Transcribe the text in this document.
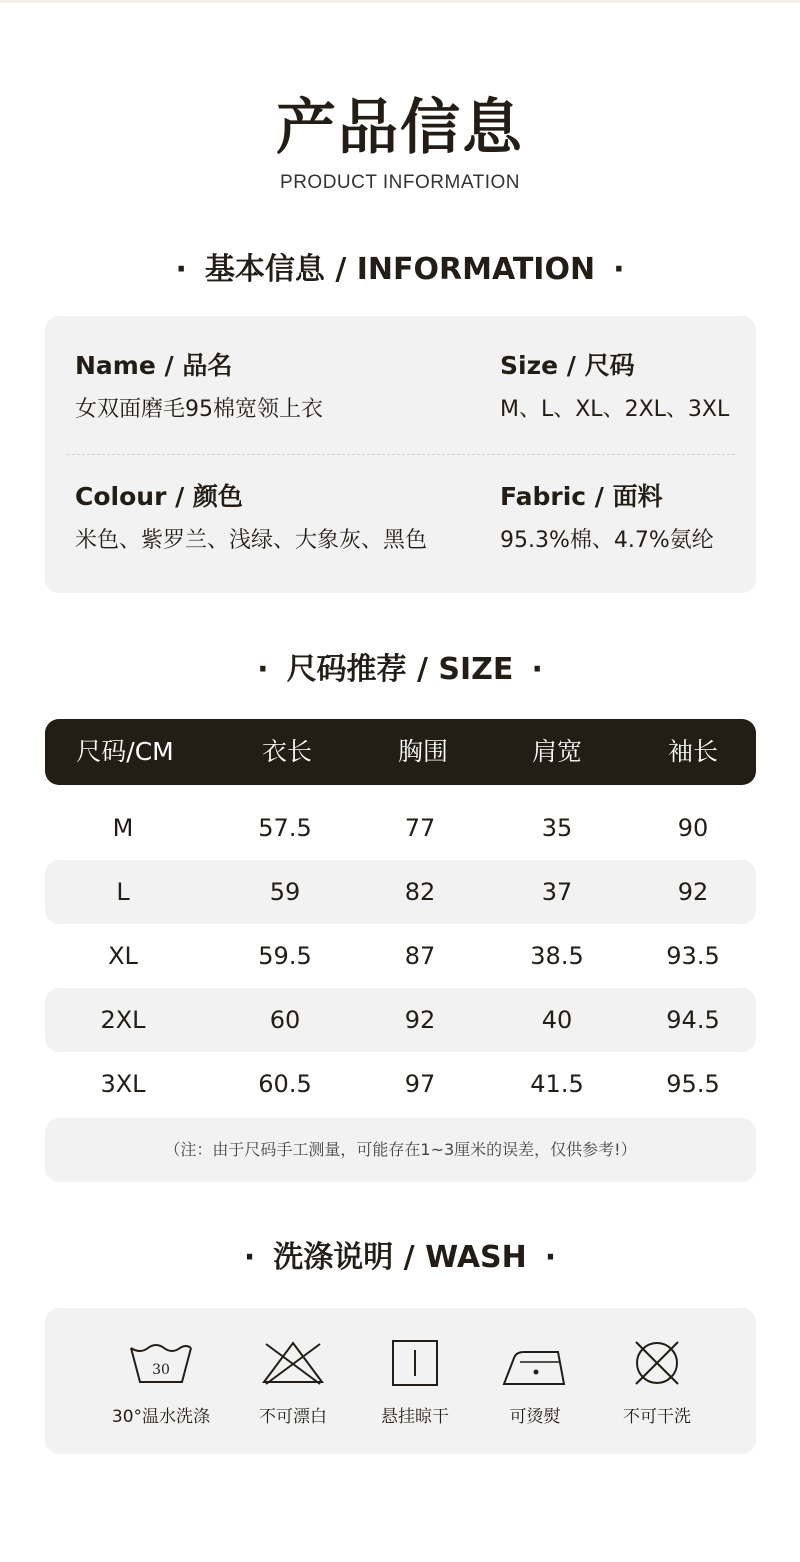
产品信息
PRODUCT INFORMATION
· 基本信息 / INFORMATION ·
Name / 品名
女双面磨毛95棉宽领上衣
Size / 尺码
M、L、XL、2XL、3XL
Colour / 颜色
米色、紫罗兰、浅绿、大象灰、黑色
Fabric / 面料
95.3%棉、4.7%氨纶
· 尺码推荐 / SIZE ·
尺码/CM	衣长	胸围	肩宽	袖长
M	57.5	77	35	90
L	59	82	37	92
XL	59.5	87	38.5	93.5
2XL	60	92	40	94.5
3XL	60.5	97	41.5	95.5
（注：由于尺码手工测量，可能存在1~3厘米的误差，仅供参考!）
· 洗涤说明 / WASH ·
30
30°温水洗涤	不可漂白	悬挂晾干	可烫熨	不可干洗
